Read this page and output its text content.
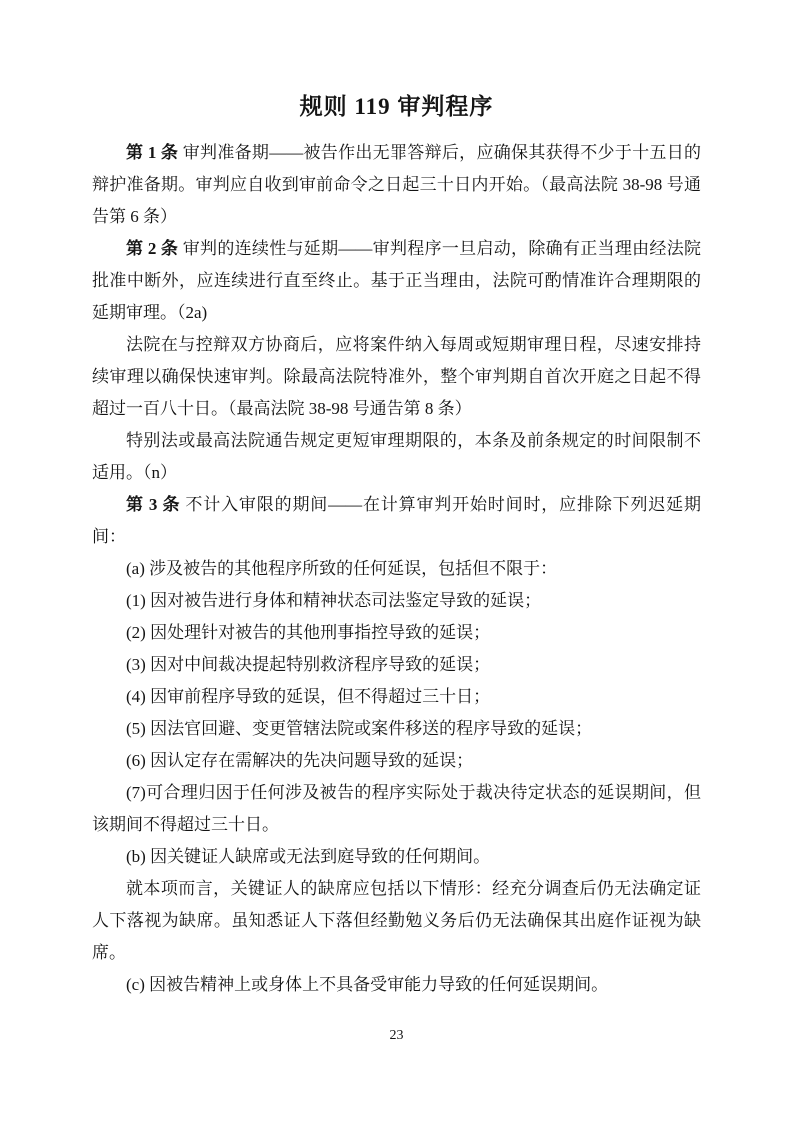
规则 119 审判程序

第 1 条 审判准备期——被告作出无罪答辩后，应确保其获得不少于十五日的辩护准备期。审判应自收到审前命令之日起三十日内开始。（最高法院 38-98 号通告第 6 条）

第 2 条 审判的连续性与延期——审判程序一旦启动，除确有正当理由经法院批准中断外，应连续进行直至终止。基于正当理由，法院可酌情准许合理期限的延期审理。（2a)

法院在与控辩双方协商后，应将案件纳入每周或短期审理日程，尽速安排持续审理以确保快速审判。除最高法院特准外，整个审判期自首次开庭之日起不得超过一百八十日。（最高法院 38-98 号通告第 8 条）

特别法或最高法院通告规定更短审理期限的，本条及前条规定的时间限制不适用。（n）

第 3 条 不计入审限的期间——在计算审判开始时间时，应排除下列迟延期间：

(a) 涉及被告的其他程序所致的任何延误，包括但不限于：

(1) 因对被告进行身体和精神状态司法鉴定导致的延误；

(2) 因处理针对被告的其他刑事指控导致的延误；

(3) 因对中间裁决提起特别救济程序导致的延误；

(4) 因审前程序导致的延误，但不得超过三十日；

(5) 因法官回避、变更管辖法院或案件移送的程序导致的延误；

(6) 因认定存在需解决的先决问题导致的延误；

(7)可合理归因于任何涉及被告的程序实际处于裁决待定状态的延误期间，但该期间不得超过三十日。

(b) 因关键证人缺席或无法到庭导致的任何期间。

就本项而言，关键证人的缺席应包括以下情形：经充分调查后仍无法确定证人下落视为缺席。虽知悉证人下落但经勤勉义务后仍无法确保其出庭作证视为缺席。

(c) 因被告精神上或身体上不具备受审能力导致的任何延误期间。

23
